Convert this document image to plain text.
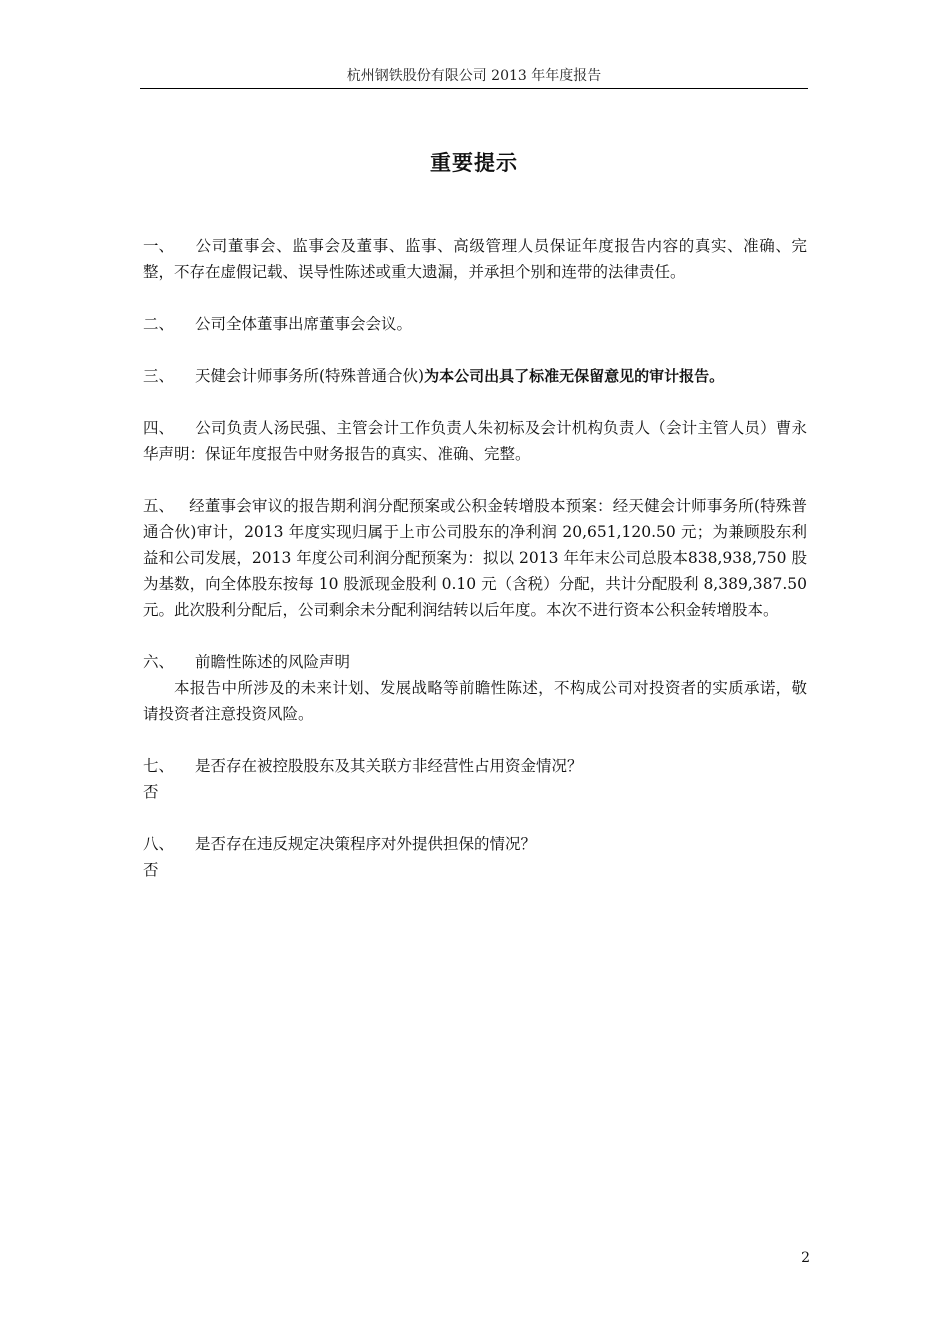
杭州钢铁股份有限公司 2013 年年度报告
重要提示

一、 公司董事会、监事会及董事、监事、高级管理人员保证年度报告内容的真实、准确、完整，不存在虚假记载、误导性陈述或重大遗漏，并承担个别和连带的法律责任。

二、 公司全体董事出席董事会会议。

三、 天健会计师事务所(特殊普通合伙)为本公司出具了标准无保留意见的审计报告。

四、 公司负责人汤民强、主管会计工作负责人朱初标及会计机构负责人（会计主管人员）曹永华声明：保证年度报告中财务报告的真实、准确、完整。

五、 经董事会审议的报告期利润分配预案或公积金转增股本预案：经天健会计师事务所(特殊普通合伙)审计，2013 年度实现归属于上市公司股东的净利润 20,651,120.50 元；为兼顾股东利益和公司发展，2013 年度公司利润分配预案为：拟以 2013 年年末公司总股本838,938,750 股为基数，向全体股东按每 10 股派现金股利 0.10 元（含税）分配，共计分配股利 8,389,387.50 元。此次股利分配后，公司剩余未分配利润结转以后年度。本次不进行资本公积金转增股本。

六、 前瞻性陈述的风险声明

本报告中所涉及的未来计划、发展战略等前瞻性陈述，不构成公司对投资者的实质承诺，敬请投资者注意投资风险。

七、 是否存在被控股股东及其关联方非经营性占用资金情况？

否

八、 是否存在违反规定决策程序对外提供担保的情况？

否

2
